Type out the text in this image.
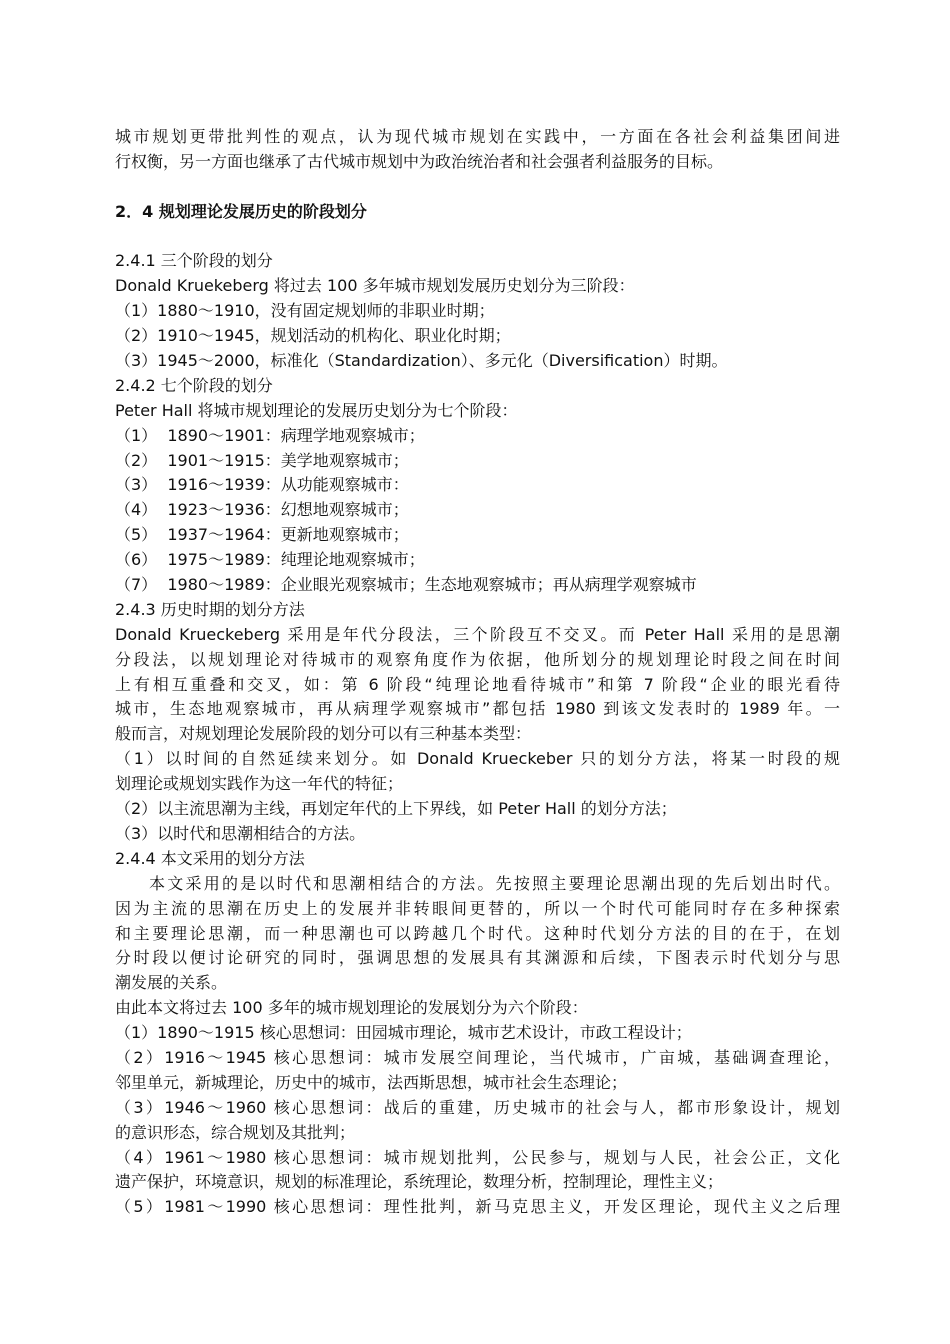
城市规划更带批判性的观点，认为现代城市规划在实践中，一方面在各社会利益集团间进
行权衡，另一方面也继承了古代城市规划中为政治统治者和社会强者利益服务的目标。
2．4 规划理论发展历史的阶段划分
2.4.1 三个阶段的划分
Donald Kruekeberg 将过去 100 多年城市规划发展历史划分为三阶段：
（1）1880～1910，没有固定规划师的非职业时期；
（2）1910～1945，规划活动的机构化、职业化时期；
（3）1945～2000，标准化（Standardization）、多元化（Diversification）时期。
2.4.2 七个阶段的划分
Peter Hall 将城市规划理论的发展历史划分为七个阶段：
（1）  1890～1901：病理学地观察城市；
（2）  1901～1915：美学地观察城市；
（3）  1916～1939：从功能观察城市：
（4）  1923～1936：幻想地观察城市；
（5）  1937～1964：更新地观察城市；
（6）  1975～1989：纯理论地观察城市；
（7）  1980～1989：企业眼光观察城市；生态地观察城市；再从病理学观察城市
2.4.3 历史时期的划分方法
Donald Krueckeberg 采用是年代分段法，三个阶段互不交叉。而 Peter Hall 采用的是思潮
分段法，以规划理论对待城市的观察角度作为依据，他所划分的规划理论时段之间在时间
上有相互重叠和交叉，如：第 6 阶段“纯理论地看待城市”和第 7 阶段“企业的眼光看待
城市，生态地观察城市，再从病理学观察城市”都包括 1980 到该文发表时的 1989 年。一
般而言，对规划理论发展阶段的划分可以有三种基本类型：
（1）以时间的自然延续来划分。如 Donald Krueckeber 只的划分方法，将某一时段的规
划理论或规划实践作为这一年代的特征；
（2）以主流思潮为主线，再划定年代的上下界线，如 Peter Hall 的划分方法；
（3）以时代和思潮相结合的方法。
2.4.4 本文采用的划分方法
本文采用的是以时代和思潮相结合的方法。先按照主要理论思潮出现的先后划出时代。
因为主流的思潮在历史上的发展并非转眼间更替的，所以一个时代可能同时存在多种探索
和主要理论思潮，而一种思潮也可以跨越几个时代。这种时代划分方法的目的在于，在划
分时段以便讨论研究的同时，强调思想的发展具有其渊源和后续，下图表示时代划分与思
潮发展的关系。
由此本文将过去 100 多年的城市规划理论的发展划分为六个阶段：
（1）1890～1915 核心思想词：田园城市理论，城市艺术设计，市政工程设计；
（2）1916～1945 核心思想词：城市发展空间理论，当代城市，广亩城，基础调查理论，
邻里单元，新城理论，历史中的城市，法西斯思想，城市社会生态理论；
（3）1946～1960 核心思想词：战后的重建，历史城市的社会与人，都市形象设计，规划
的意识形态，综合规划及其批判；
（4）1961～1980 核心思想词：城市规划批判，公民参与，规划与人民，社会公正，文化
遗产保护，环境意识，规划的标准理论，系统理论，数理分析，控制理论，理性主义；
（5）1981～1990 核心思想词：理性批判，新马克思主义，开发区理论，现代主义之后理
